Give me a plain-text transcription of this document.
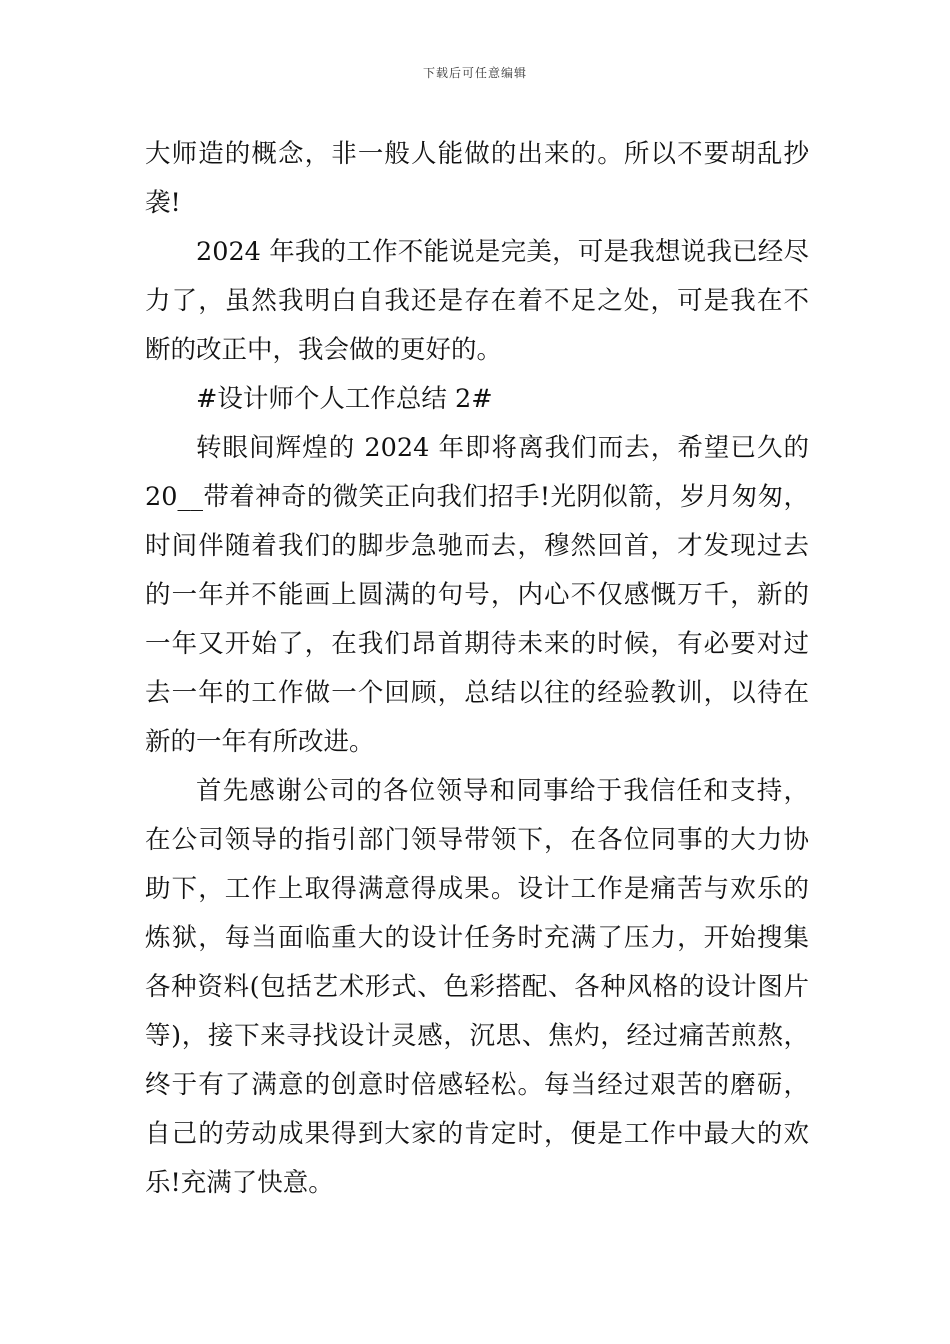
下载后可任意编辑
大师造的概念，非一般人能做的出来的。所以不要胡乱抄
袭!
2024 年我的工作不能说是完美，可是我想说我已经尽
力了，虽然我明白自我还是存在着不足之处，可是我在不
断的改正中，我会做的更好的。
#设计师个人工作总结 2#
转眼间辉煌的 2024 年即将离我们而去，希望已久的
20__带着神奇的微笑正向我们招手!光阴似箭，岁月匆匆，
时间伴随着我们的脚步急驰而去，穆然回首，才发现过去
的一年并不能画上圆满的句号，内心不仅感慨万千，新的
一年又开始了，在我们昂首期待未来的时候，有必要对过
去一年的工作做一个回顾，总结以往的经验教训，以待在
新的一年有所改进。
首先感谢公司的各位领导和同事给于我信任和支持，
在公司领导的指引部门领导带领下，在各位同事的大力协
助下，工作上取得满意得成果。设计工作是痛苦与欢乐的
炼狱，每当面临重大的设计任务时充满了压力，开始搜集
各种资料(包括艺术形式、色彩搭配、各种风格的设计图片
等)，接下来寻找设计灵感，沉思、焦灼，经过痛苦煎熬，
终于有了满意的创意时倍感轻松。每当经过艰苦的磨砺，
自己的劳动成果得到大家的肯定时，便是工作中最大的欢
乐!充满了快意。
